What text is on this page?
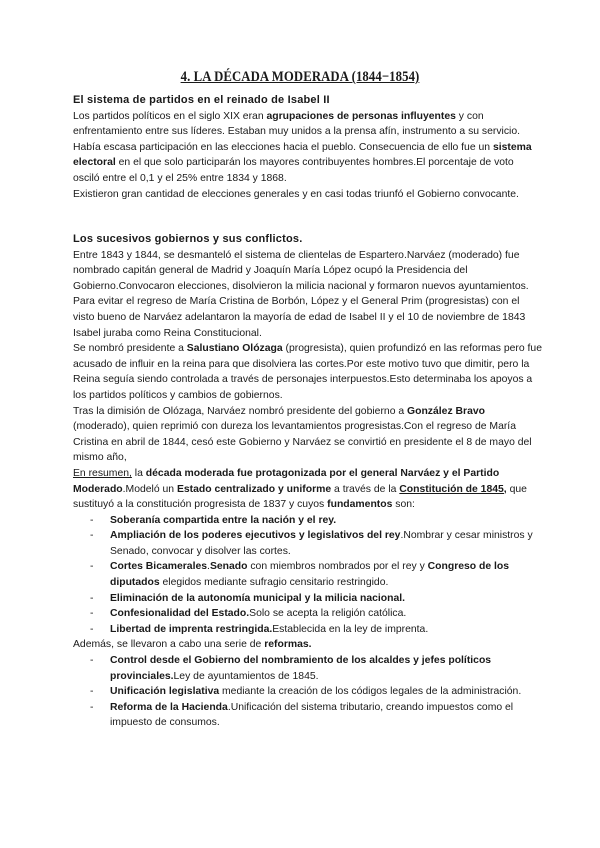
4. LA DÉCADA MODERADA (1844−1854)
El sistema de partidos en el reinado de Isabel II

Los partidos políticos en el siglo XIX eran agrupaciones de personas influyentes y con enfrentamiento entre sus líderes. Estaban muy unidos a la prensa afín, instrumento a su servicio.

Había escasa participación en las elecciones hacia el pueblo. Consecuencia de ello fue un sistema electoral en el que solo participarán los mayores contribuyentes hombres.El porcentaje de voto osciló entre el 0,1 y el 25% entre 1834 y 1868.

Existieron gran cantidad de elecciones generales y en casi todas triunfó el Gobierno convocante.

Los sucesivos gobiernos y sus conflictos.

Entre 1843 y 1844, se desmanteló el sistema de clientelas de Espartero.Narváez (moderado) fue nombrado capitán general de Madrid y Joaquín María López ocupó la Presidencia del Gobierno.Convocaron elecciones, disolvieron la milicia nacional y formaron nuevos ayuntamientos.

Para evitar el regreso de María Cristina de Borbón, López y el General Prim (progresistas) con el visto bueno de Narváez adelantaron la mayoría de edad de Isabel II y el 10 de noviembre de 1843 Isabel juraba como Reina Constitucional.

Se nombró presidente a Salustiano Olózaga (progresista), quien profundizó en las reformas pero fue acusado de influir en la reina para que disolviera las cortes.Por este motivo tuvo que dimitir, pero la Reina seguía siendo controlada a través de personajes interpuestos.Esto determinaba los apoyos a los partidos políticos y cambios de gobiernos.

Tras la dimisión de Olózaga, Narváez nombró presidente del gobierno a González Bravo (moderado), quien reprimió con dureza los levantamientos progresistas.Con el regreso de María Cristina en abril de 1844, cesó este Gobierno y Narváez se convirtió en presidente el 8 de mayo del mismo año,

En resumen, la década moderada fue protagonizada por el general Narváez y el Partido Moderado.Modeló un Estado centralizado y uniforme a través de la Constitución de 1845, que sustituyó a la constitución progresista de 1837 y cuyos fundamentos son:

- Soberanía compartida entre la nación y el rey.
- Ampliación de los poderes ejecutivos y legislativos del rey.Nombrar y cesar ministros y Senado, convocar y disolver las cortes.
- Cortes Bicamerales.Senado con miembros nombrados por el rey y Congreso de los diputados elegidos mediante sufragio censitario restringido.
- Eliminación de la autonomía municipal y la milicia nacional.
- Confesionalidad del Estado.Solo se acepta la religión católica.
- Libertad de imprenta restringida.Establecida en la ley de imprenta.

Además, se llevaron a cabo una serie de reformas.

- Control desde el Gobierno del nombramiento de los alcaldes y jefes políticos provinciales.Ley de ayuntamientos de 1845.
- Unificación legislativa mediante la creación de los códigos legales de la administración.
- Reforma de la Hacienda.Unificación del sistema tributario, creando impuestos como el impuesto de consumos.
